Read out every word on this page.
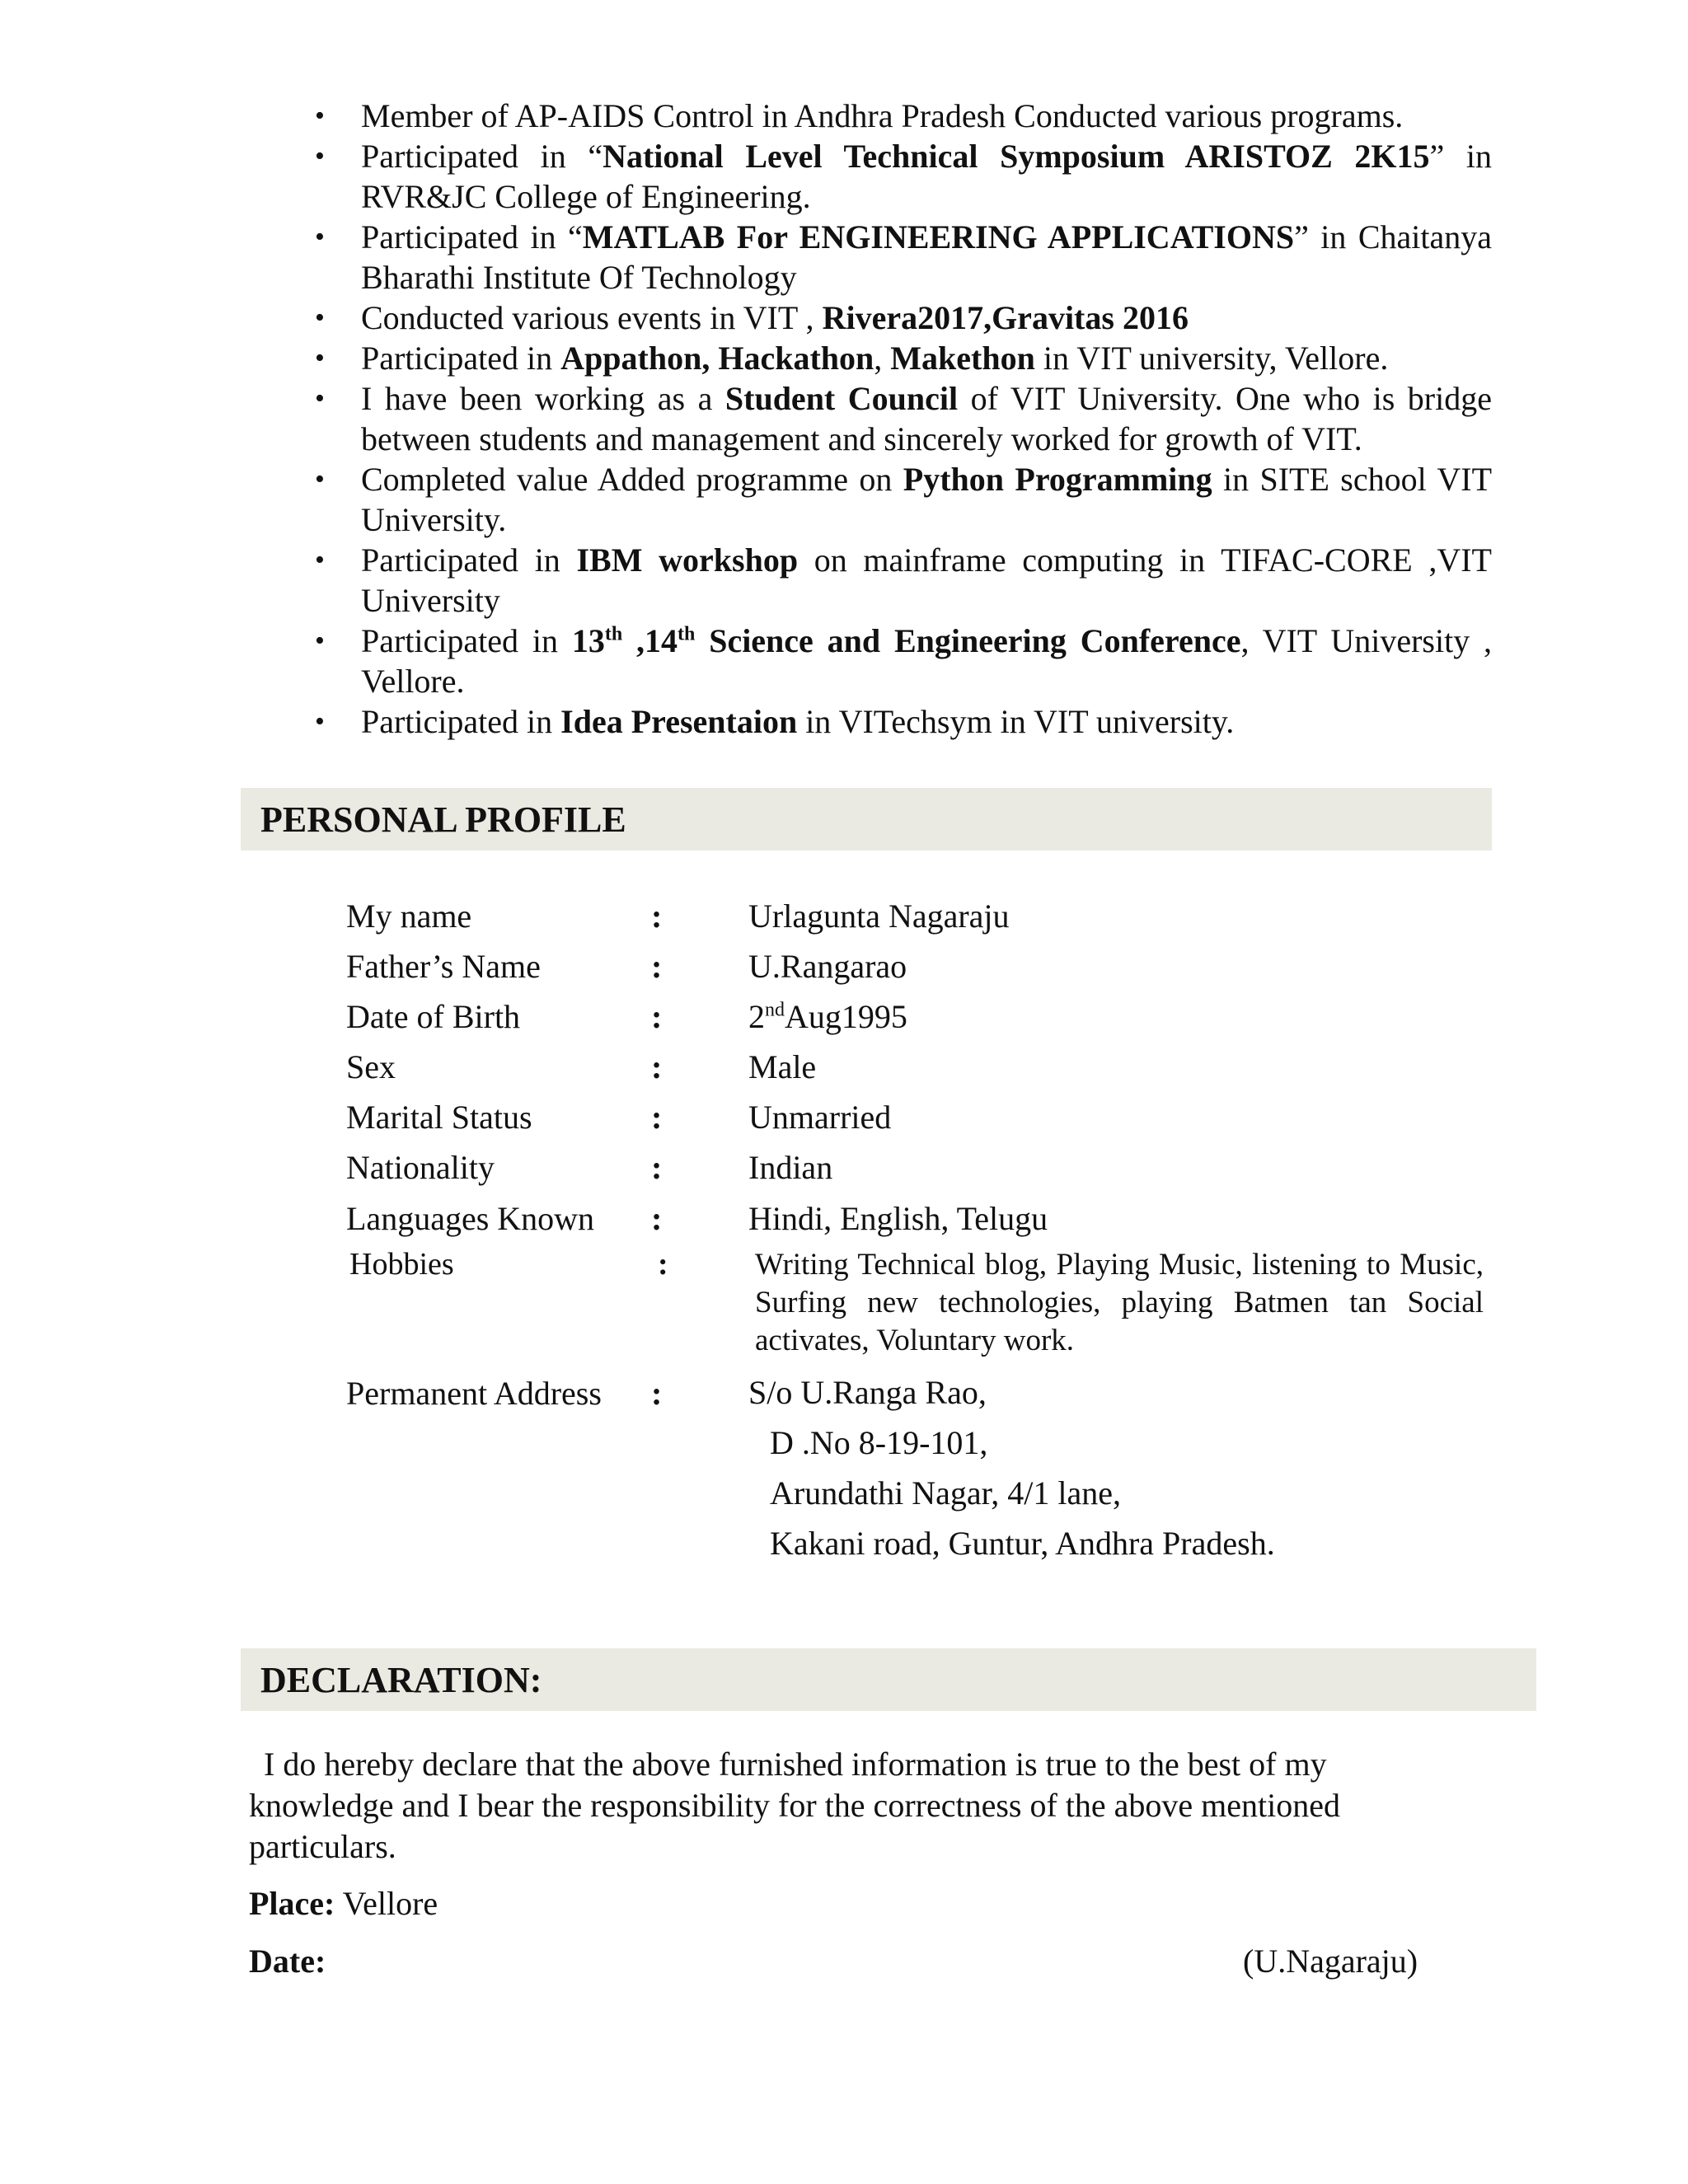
• Member of AP-AIDS Control in Andhra Pradesh Conducted various programs.
• Participated in “National Level Technical Symposium ARISTOZ 2K15” in RVR&JC College of Engineering.
• Participated in “MATLAB For ENGINEERING APPLICATIONS” in Chaitanya Bharathi Institute Of Technology
• Conducted various events in VIT , Rivera2017,Gravitas 2016
• Participated in Appathon, Hackathon, Makethon in VIT university, Vellore.
• I have been working as a Student Council of VIT University. One who is bridge between students and management and sincerely worked for growth of VIT.
• Completed value Added programme on Python Programming in SITE school VIT University.
• Participated in IBM workshop on mainframe computing in TIFAC-CORE ,VIT University
• Participated in 13th ,14th Science and Engineering Conference, VIT University , Vellore.
• Participated in Idea Presentaion in VITechsym in VIT university.
PERSONAL PROFILE
My name	:	Urlagunta Nagaraju
Father’s Name	:	U.Rangarao
Date of Birth	:	2ndAug1995
Sex	:	Male
Marital Status	:	Unmarried
Nationality	:	Indian
Languages Known	:	Hindi, English, Telugu
Hobbies	:	Writing Technical blog, Playing Music, listening to Music, Surfing new technologies, playing Batmen tan Social activates, Voluntary work.
Permanent Address	:	S/o U.Ranga Rao,
D .No 8-19-101,
Arundathi Nagar, 4/1 lane,
Kakani road, Guntur, Andhra Pradesh.
DECLARATION:

I do hereby declare that the above furnished information is true to the best of my knowledge and I bear the responsibility for the correctness of the above mentioned particulars.

Place: Vellore
Date:	(U.Nagaraju)
